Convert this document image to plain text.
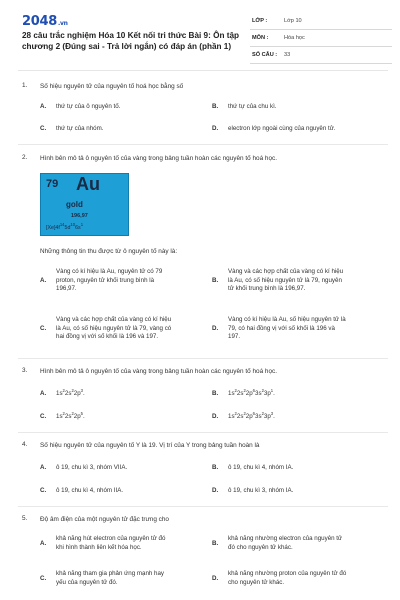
2048.vn
28 câu trắc nghiệm Hóa 10 Kết nối tri thức Bài 9: Ôn tập chương 2 (Đúng sai - Trả lời ngắn) có đáp án (phần 1)
LỚP :	Lớp 10
MÔN :	Hóa học
SỐ CÂU : 33
1. Số hiệu nguyên tử của nguyên tố hoá học bằng số
A. thứ tự của ô nguyên tố.	B. thứ tự của chu kì.
C. thứ tự của nhóm.	D. electron lớp ngoài cùng của nguyên tử.
2. Hình bên mô tả ô nguyên tố của vàng trong bảng tuần hoàn các nguyên tố hoá học.
79 Au
gold
196,97
$[Xe]4f^{14}5d^{10}6s^1$
Những thông tin thu được từ ô nguyên tố này là:
A.
Vàng có kí hiệu là Au, nguyên tử có 79
proton, nguyên tử khối trung bình là
196,97.
B.
Vàng và các hợp chất của vàng có kí hiệu
là Au, có số hiệu nguyên tử là 79, nguyên
tử khối trung bình là 196,97.
C.
Vàng và các hợp chất của vàng có kí hiệu
là Au, có số hiệu nguyên tử là 79, vàng có
hai đồng vị với số khối là 196 và 197.
D.
Vàng có kí hiệu là Au, số hiệu nguyên tử là
79, có hai đồng vị với số khối là 196 và
197.
3. Hình bên mô tả ô nguyên tố của vàng trong bảng tuần hoàn các nguyên tố hoá học.
A. $1s^22s^22p^3$.	B. $1s^22s^22p^63s^23p^1$.
C. $1s^22s^22p^5$.	D. $1s^22s^22p^63s^23p^3$.
4. Số hiệu nguyên tử của nguyên tố Y là 19. Vị trí của Y trong bảng tuần hoàn là
A. ô 19, chu kì 3, nhóm VIIA.	B. ô 19, chu kì 4, nhóm IA.
C. ô 19, chu kì 4, nhóm IIA.	D. ô 19, chu kì 3, nhóm IA.
5. Độ âm điện của một nguyên tử đặc trưng cho
A.
khả năng hút electron của nguyên tử đó
khi hình thành liên kết hóa học.
B.
khả năng nhường electron của nguyên tử
đó cho nguyên tử khác.
C.
khả năng tham gia phản ứng mạnh hay
yếu của nguyên tử đó.
D.
khả năng nhường proton của nguyên tử đó
cho nguyên tử khác.
